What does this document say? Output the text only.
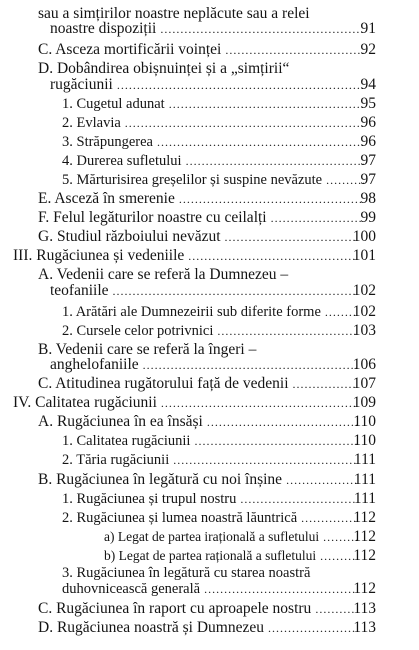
sau a simțirilor noastre neplăcute sau a relei
noastre dispoziții	91
...................................................
C. Asceza mortificării voinței	92
...................................
D. Dobândirea obișnuinței și a „simțirii“
rugăciunii	94
..............................................................
1. Cugetul adunat	95
.................................................
2. Evlavia	96
............................................................
3. Străpungerea	96
....................................................
4. Durerea sufletului	97
.............................................
5. Mărturisirea greșelilor și suspine nevăzute 97
..........
E. Asceză în smerenie	98
..............................................
F. Felul legăturilor noastre cu ceilalți	99
.......................
G. Studiul războiului nevăzut	100
.................................
III. Rugăciunea și vedeniile	101
..........................................
A. Vedenii care se referă la Dumnezeu –
teofaniile	102
.............................................................
1. Arătări ale Dumnezeirii sub diferite forme 102
........
2. Cursele celor potrivnici	103
...................................
B. Vedenii care se referă la îngeri –
anghelofaniile	106
......................................................
C. Atitudinea rugătorului față de vedenii	107
................
IV. Calitatea rugăciunii	109
.................................................
A. Rugăciunea în ea însăși	110
......................................
1. Calitatea rugăciunii	110
.........................................
2. Tăria rugăciunii	111
..............................................
B. Rugăciunea în legătură cu noi înșine	111
..................
1. Rugăciunea și trupul nostru	111
.............................
2. Rugăciunea și lumea noastră lăuntrică	112
..............
a) Legat de partea irațională a sufletului 112
.........
b) Legat de partea rațională a sufletului 112
.........
3. Rugăciunea în legătură cu starea noastră
duhovnicească generală	112
......................................
C. Rugăciunea în raport cu aproapele nostru	113
..........
D. Rugăciunea noastră și Dumnezeu	113
......................
